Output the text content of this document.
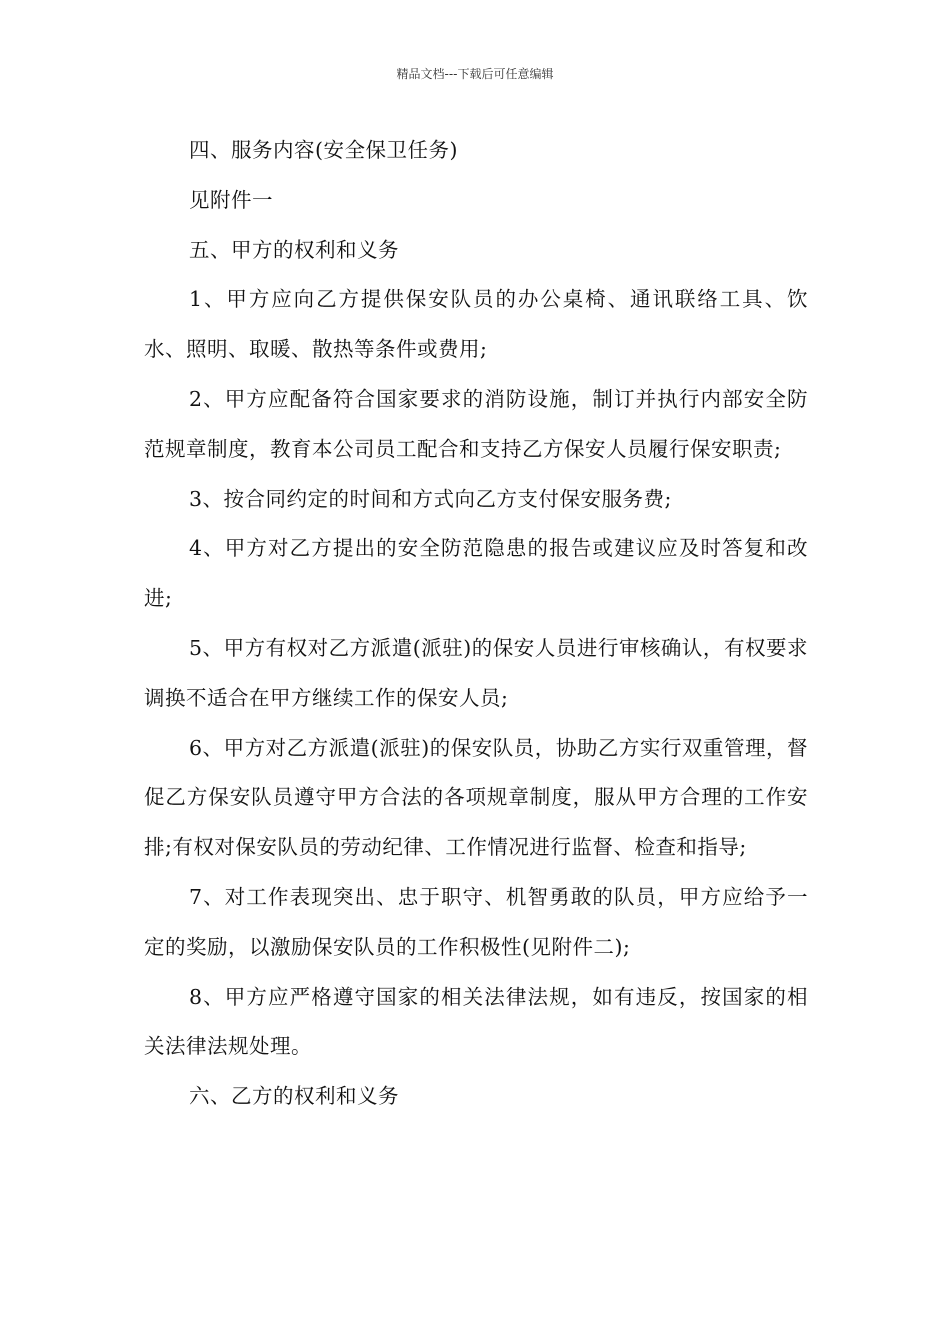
精品文档---下载后可任意编辑

四、服务内容(安全保卫任务)

见附件一

五、甲方的权利和义务

1、甲方应向乙方提供保安队员的办公桌椅、通讯联络工具、饮水、照明、取暖、散热等条件或费用;

2、甲方应配备符合国家要求的消防设施，制订并执行内部安全防范规章制度，教育本公司员工配合和支持乙方保安人员履行保安职责;

3、按合同约定的时间和方式向乙方支付保安服务费;

4、甲方对乙方提出的安全防范隐患的报告或建议应及时答复和改进;

5、甲方有权对乙方派遣(派驻)的保安人员进行审核确认，有权要求调换不适合在甲方继续工作的保安人员;

6、甲方对乙方派遣(派驻)的保安队员，协助乙方实行双重管理，督促乙方保安队员遵守甲方合法的各项规章制度，服从甲方合理的工作安排;有权对保安队员的劳动纪律、工作情况进行监督、检查和指导;

7、对工作表现突出、忠于职守、机智勇敢的队员，甲方应给予一定的奖励，以激励保安队员的工作积极性(见附件二);

8、甲方应严格遵守国家的相关法律法规，如有违反，按国家的相关法律法规处理。

六、乙方的权利和义务
